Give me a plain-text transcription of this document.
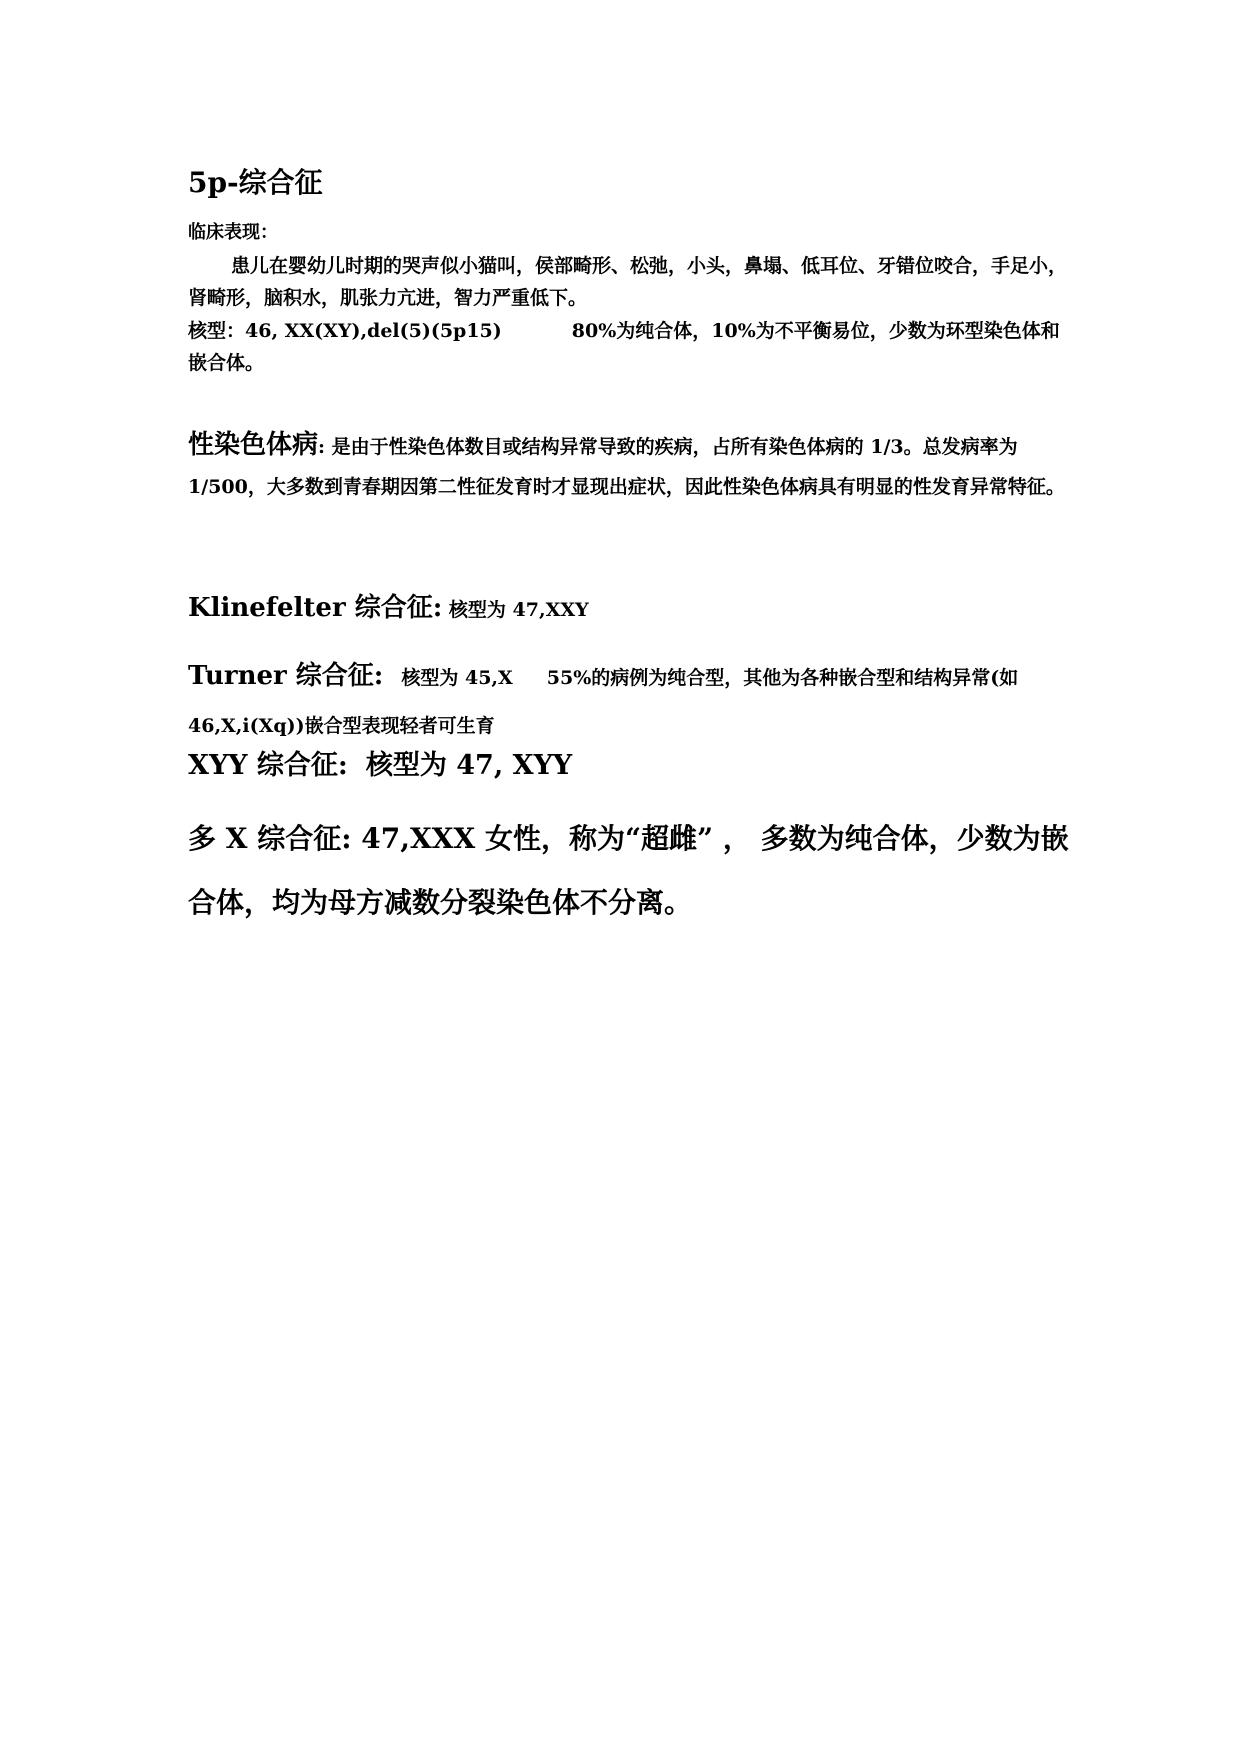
5p-综合征
临床表现：
患儿在婴幼儿时期的哭声似小猫叫，侯部畸形、松弛，小头，鼻塌、低耳位、牙错位咬合，手足小，肾畸形，脑积水，肌张力亢进，智力严重低下。
核型：46, XX(XY),del(5)(5p15)	80%为纯合体，10%为不平衡易位，少数为环型染色体和嵌合体。
性染色体病: 是由于性染色体数目或结构异常导致的疾病，占所有染色体病的 1/3。总发病率为 1/500，大多数到青春期因第二性征发育时才显现出症状，因此性染色体病具有明显的性发育异常特征。
Klinefelter 综合征: 核型为 47,XXY
Turner 综合征: 核型为 45,X 55%的病例为纯合型，其他为各种嵌合型和结构异常(如 46,X,i(Xq))嵌合型表现轻者可生育
XYY 综合征: 核型为 47, XYY
多 X 综合征: 47,XXX 女性，称为“超雌” ， 多数为纯合体，少数为嵌合体，均为母方减数分裂染色体不分离。
